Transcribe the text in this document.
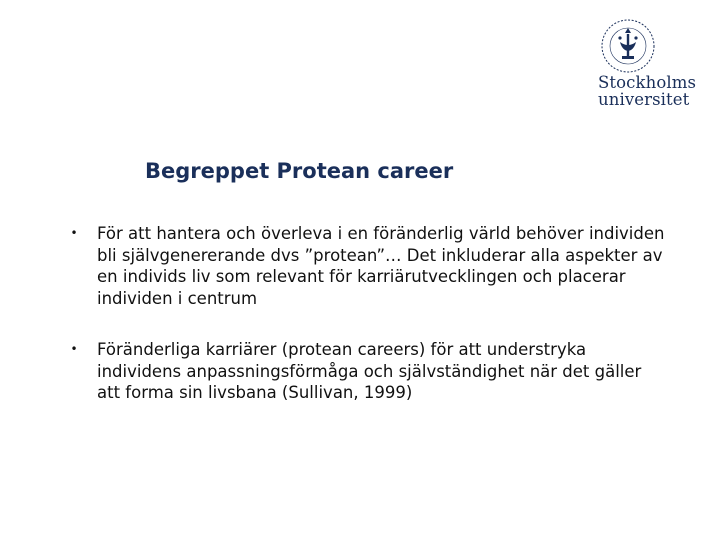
Stockholms
universitet
Begreppet Protean career
• För att hantera och överleva i en föränderlig värld behöver individen bli självgenererande dvs ”protean”… Det inkluderar alla aspekter av en individs liv som relevant för karriärutvecklingen och placerar individen i centrum
• Föränderliga karriärer (protean careers) för att understryka individens anpassningsförmåga och självständighet när det gäller att forma sin livsbana (Sullivan, 1999)
